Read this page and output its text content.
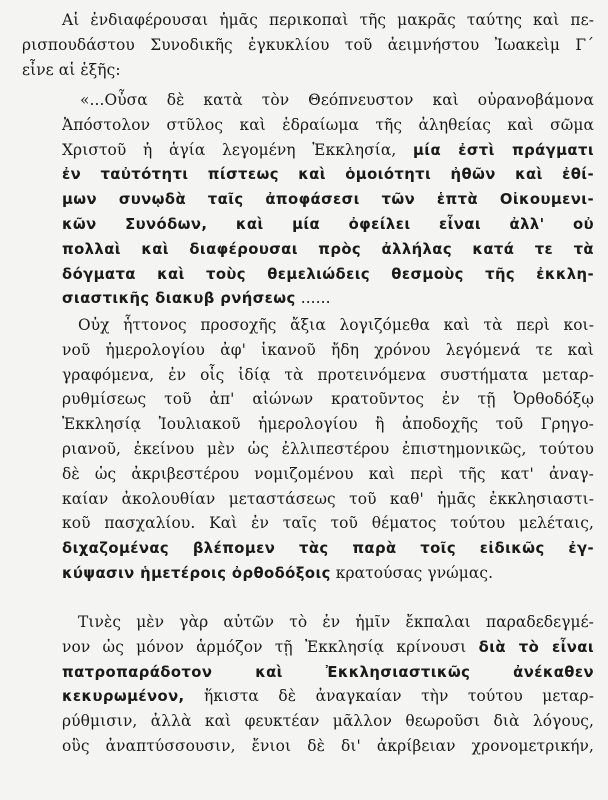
Αἱ ἐνδιαφέρουσαι ἡμᾶς περικοπαὶ τῆς μακρᾶς ταύτης καὶ πε-
ρισπουδάστου Συνοδικῆς ἐγκυκλίου τοῦ ἀειμνήστου Ἰωακεὶμ Γ΄
εἶνε αἱ ἑξῆς:
«...Οὖσα δὲ κατὰ τὸν Θεόπνευστον καὶ οὐρανοβάμονα
Ἀπόστολον στῦλος καὶ ἑδραίωμα τῆς ἀληθείας καὶ σῶμα
Χριστοῦ ἡ ἁγία λεγομένη Ἐκκλησία, μία ἐστὶ πράγματι
ἐν ταὐτότητι πίστεως καὶ ὁμοιότητι ἠθῶν καὶ ἐθί-
μων συνῳδὰ ταῖς ἀποφάσεσι τῶν ἑπτὰ Οἰκουμενι-
κῶν Συνόδων, καὶ μία ὀφείλει εἶναι ἀλλ' οὐ
πολλαὶ καὶ διαφέρουσαι πρὸς ἀλλήλας κατά τε τὰ
δόγματα καὶ τοὺς θεμελιώδεις θεσμοὺς τῆς ἐκκλη-
σιαστικῆς διακυβ ρνήσεως ......
Οὐχ ἧττονος προσοχῆς ἄξια λογιζόμεθα καὶ τὰ περὶ κοι-
νοῦ ἡμερολογίου ἀφ' ἱκανοῦ ἤδη χρόνου λεγόμενά τε καὶ
γραφόμενα, ἐν οἷς ἰδίᾳ τὰ προτεινόμενα συστήματα μεταρ-
ρυθμίσεως τοῦ ἀπ' αἰώνων κρατοῦντος ἐν τῇ Ὀρθοδόξῳ
Ἐκκλησίᾳ Ἰουλιακοῦ ἡμερολογίου ἢ ἀποδοχῆς τοῦ Γρηγο-
ριανοῦ, ἐκείνου μὲν ὡς ἐλλιπεστέρου ἐπιστημονικῶς, τούτου
δὲ ὡς ἀκριβεστέρου νομιζομένου καὶ περὶ τῆς κατ' ἀναγ-
καίαν ἀκολουθίαν μεταστάσεως τοῦ καθ' ἡμᾶς ἐκκλησιαστι-
κοῦ πασχαλίου. Καὶ ἐν ταῖς τοῦ θέματος τούτου μελέταις,
διχαζομένας βλέπομεν τὰς παρὰ τοῖς εἰδικῶς ἐγ-
κύψασιν ἡμετέροις ὀρθοδόξοις κρατούσας γνώμας.
Τινὲς μὲν γὰρ αὐτῶν τὸ ἐν ἡμῖν ἔκπαλαι παραδεδεγμέ-
νον ὡς μόνον ἁρμόζον τῇ Ἐκκλησίᾳ κρίνουσι διὰ τὸ εἶναι
πατροπαράδοτον καὶ Ἐκκλησιαστικῶς ἀνέκαθεν
κεκυρωμένον, ἥκιστα δὲ ἀναγκαίαν τὴν τούτου μεταρ-
ρύθμισιν, ἀλλὰ καὶ φευκτέαν μᾶλλον θεωροῦσι διὰ λόγους,
οὓς ἀναπτύσσουσιν, ἔνιοι δὲ δι' ἀκρίβειαν χρονομετρικήν,
